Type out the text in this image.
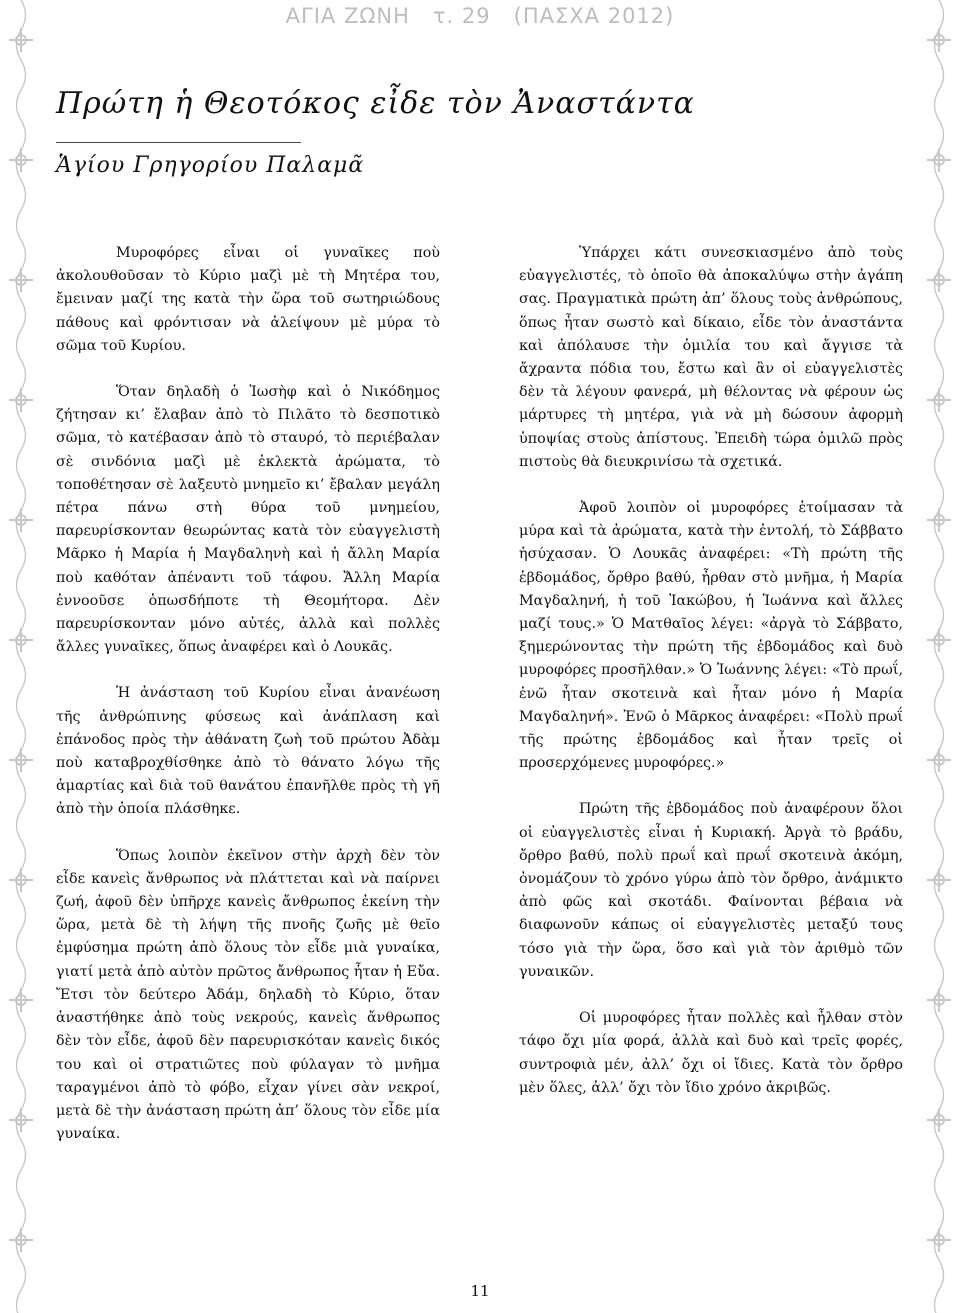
ΑΓΙΑ ΖΩΝΗ τ. 29 (ΠΑΣΧΑ 2012)
Πρώτη ἡ Θεοτόκος εἶδε τὸν Ἀναστάντα
Ἁγίου Γρηγορίου Παλαμᾶ

Μυροφόρες εἶναι οἱ γυναῖκες ποὺ ἀκολουθοῦσαν τὸ Κύριο μαζὶ μὲ τὴ Μητέρα του, ἔμειναν μαζί της κατὰ τὴν ὥρα τοῦ σωτηριώδους πάθους καὶ φρόντισαν νὰ ἀλείψουν μὲ μύρα τὸ σῶμα τοῦ Κυρίου.

Ὅταν δηλαδὴ ὁ Ἰωσὴφ καὶ ὁ Νικόδημος ζήτησαν κι’ ἔλαβαν ἀπὸ τὸ Πιλᾶτο τὸ δεσποτικὸ σῶμα, τὸ κατέβασαν ἀπὸ τὸ σταυρό, τὸ περιέβαλαν σὲ σινδόνια μαζὶ μὲ ἐκλεκτὰ ἀρώματα, τὸ τοποθέτησαν σὲ λαξευτὸ μνημεῖο κι’ ἔβαλαν μεγάλη πέτρα πάνω στὴ θύρα τοῦ μνημείου, παρευρίσκονταν θεωρώντας κατὰ τὸν εὐαγγελιστὴ Μᾶρκο ἡ Μαρία ἡ Μαγδαληνὴ καὶ ἡ ἄλλη Μαρία ποὺ καθόταν ἀπέναντι τοῦ τάφου. Ἄλλη Μαρία ἐννοοῦσε ὁπωσδήποτε τὴ Θεομήτορα. Δὲν παρευρίσκονταν μόνο αὐτές, ἀλλὰ καὶ πολλὲς ἄλλες γυναῖκες, ὅπως ἀναφέρει καὶ ὁ Λουκᾶς.

Ἡ ἀνάσταση τοῦ Κυρίου εἶναι ἀνανέωση τῆς ἀνθρώπινης φύσεως καὶ ἀνάπλαση καὶ ἐπάνοδος πρὸς τὴν ἀθάνατη ζωὴ τοῦ πρώτου Ἀδὰμ ποὺ καταβροχθίσθηκε ἀπὸ τὸ θάνατο λόγω τῆς ἁμαρτίας καὶ διὰ τοῦ θανάτου ἐπανῆλθε πρὸς τὴ γῆ ἀπὸ τὴν ὁποία πλάσθηκε.

Ὅπως λοιπὸν ἐκεῖνον στὴν ἀρχὴ δὲν τὸν εἶδε κανεὶς ἄνθρωπος νὰ πλάττεται καὶ νὰ παίρνει ζωή, ἀφοῦ δὲν ὑπῆρχε κανεὶς ἄνθρωπος ἐκείνη τὴν ὥρα, μετὰ δὲ τὴ λήψη τῆς πνοῆς ζωῆς μὲ θεῖο ἐμφύσημα πρώτη ἀπὸ ὅλους τὸν εἶδε μιὰ γυναίκα, γιατί μετὰ ἀπὸ αὐτὸν πρῶτος ἄνθρωπος ἦταν ἡ Εὔα. Ἔτσι τὸν δεύτερο Ἀδάμ, δηλαδὴ τὸ Κύριο, ὅταν ἀναστήθηκε ἀπὸ τοὺς νεκρούς, κανεὶς ἄνθρωπος δὲν τὸν εἶδε, ἀφοῦ δὲν παρευρισκόταν κανεὶς δικός του καὶ οἱ στρατιῶτες ποὺ φύλαγαν τὸ μνῆμα ταραγμένοι ἀπὸ τὸ φόβο, εἶχαν γίνει σὰν νεκροί, μετὰ δὲ τὴν ἀνάσταση πρώτη ἀπ’ ὅλους τὸν εἶδε μία γυναίκα.

Ὑπάρχει κάτι συνεσκιασμένο ἀπὸ τοὺς εὐαγγελιστές, τὸ ὁποῖο θὰ ἀποκαλύψω στὴν ἀγάπη σας. Πραγματικὰ πρώτη ἀπ’ ὅλους τοὺς ἀνθρώπους, ὅπως ἦταν σωστὸ καὶ δίκαιο, εἶδε τὸν ἀναστάντα καὶ ἀπόλαυσε τὴν ὁμιλία του καὶ ἄγγισε τὰ ἄχραντα πόδια του, ἔστω καὶ ἂν οἱ εὐαγγελιστὲς δὲν τὰ λέγουν φανερά, μὴ θέλοντας νὰ φέρουν ὡς μάρτυρες τὴ μητέρα, γιὰ νὰ μὴ δώσουν ἀφορμὴ ὑποψίας στοὺς ἀπίστους. Ἐπειδὴ τώρα ὁμιλῶ πρὸς πιστοὺς θὰ διευκρινίσω τὰ σχετικά.

Ἀφοῦ λοιπὸν οἱ μυροφόρες ἑτοίμασαν τὰ μύρα καὶ τὰ ἀρώματα, κατὰ τὴν ἐντολή, τὸ Σάββατο ἡσύχασαν. Ὁ Λουκᾶς ἀναφέρει: «Τὴ πρώτη τῆς ἑβδομάδος, ὄρθρο βαθύ, ἦρθαν στὸ μνῆμα, ἡ Μαρία Μαγδαληνή, ἡ τοῦ Ἰακώβου, ἡ Ἰωάννα καὶ ἄλλες μαζί τους.» Ὁ Ματθαῖος λέγει: «ἀργὰ τὸ Σάββατο, ξημερώνοντας τὴν πρώτη τῆς ἑβδομάδος καὶ δυὸ μυροφόρες προσῆλθαν.» Ὁ Ἰωάννης λέγει: «Τὸ πρωΐ, ἐνῶ ἦταν σκοτεινὰ καὶ ἦταν μόνο ἡ Μαρία Μαγδαληνή». Ἐνῶ ὁ Μᾶρκος ἀναφέρει: «Πολὺ πρωΐ τῆς πρώτης ἑβδομάδος καὶ ἦταν τρεῖς οἱ προσερχόμενες μυροφόρες.»

Πρώτη τῆς ἑβδομάδος ποὺ ἀναφέρουν ὅλοι οἱ εὐαγγελιστὲς εἶναι ἡ Κυριακή. Ἀργὰ τὸ βράδυ, ὄρθρο βαθύ, πολὺ πρωΐ καὶ πρωΐ σκοτεινὰ ἀκόμη, ὀνομάζουν τὸ χρόνο γύρω ἀπὸ τὸν ὄρθρο, ἀνάμικτο ἀπὸ φῶς καὶ σκοτάδι. Φαίνονται βέβαια νὰ διαφωνοῦν κάπως οἱ εὐαγγελιστὲς μεταξύ τους τόσο γιὰ τὴν ὥρα, ὅσο καὶ γιὰ τὸν ἀριθμὸ τῶν γυναικῶν.

Οἱ μυροφόρες ἦταν πολλὲς καὶ ἦλθαν στὸν τάφο ὄχι μία φορά, ἀλλὰ καὶ δυὸ καὶ τρεῖς φορές, συντροφιὰ μέν, ἀλλ’ ὄχι οἱ ἴδιες. Κατὰ τὸν ὄρθρο μὲν ὅλες, ἀλλ’ ὄχι τὸν ἴδιο χρόνο ἀκριβῶς.

11
